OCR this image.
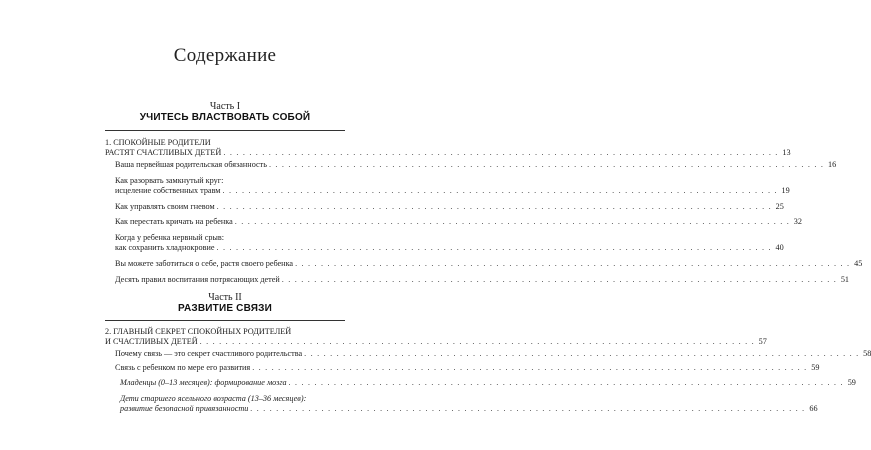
Содержание
Часть I
УЧИТЕСЬ ВЛАСТВОВАТЬ СОБОЙ
1. СПОКОЙНЫЕ РОДИТЕЛИ
РАСТЯТ СЧАСТЛИВЫХ ДЕТЕЙ . . .	13
Ваша первейшая родительская обязанность . . .	16
Как разорвать замкнутый круг:
исцеление собственных травм . . .	19
Как управлять своим гневом . . .	25
Как перестать кричать на ребенка . . .	32
Когда у ребенка нервный срыв:
как сохранить хладнокровие . . .	40
Вы можете заботиться о себе, растя своего ребенка . . .	45
Десять правил воспитания потрясающих детей . . .	51
Часть II
РАЗВИТИЕ СВЯЗИ
2. ГЛАВНЫЙ СЕКРЕТ СПОКОЙНЫХ РОДИТЕЛЕЙ
И СЧАСТЛИВЫХ ДЕТЕЙ . . .	57
Почему связь — это секрет счастливого родительства . . .	58
Связь с ребенком по мере его развития . . .	59
Младенцы (0–13 месяцев): формирование мозга . . .	59
Дети старшего ясельного возраста (13–36 месяцев):
развитие безопасной привязанности . . .	66
